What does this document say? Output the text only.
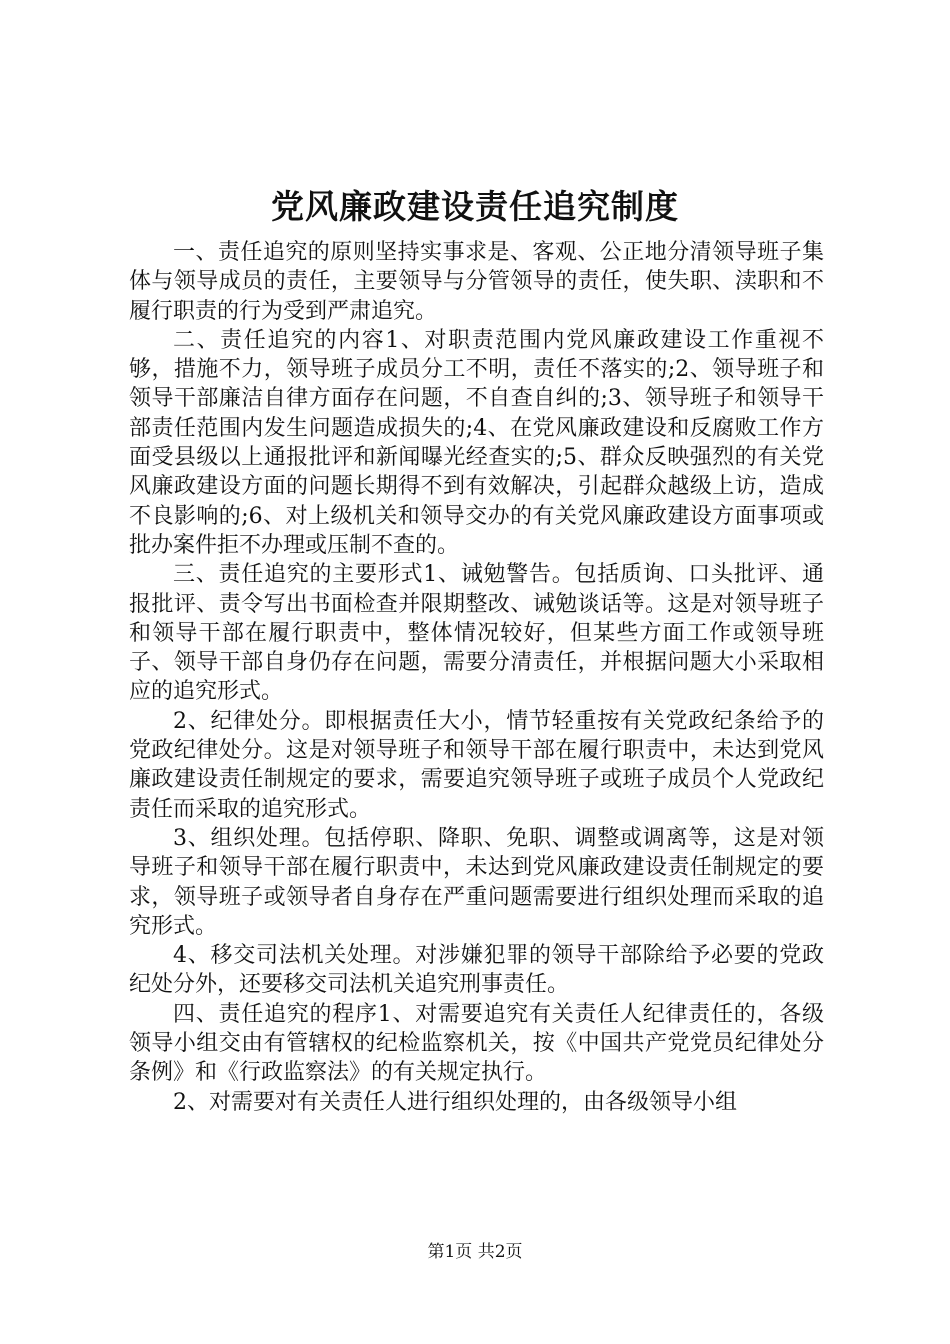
党风廉政建设责任追究制度

一、责任追究的原则坚持实事求是、客观、公正地分清领导班子集体与领导成员的责任，主要领导与分管领导的责任，使失职、渎职和不履行职责的行为受到严肃追究。

二、责任追究的内容1、对职责范围内党风廉政建设工作重视不够，措施不力，领导班子成员分工不明，责任不落实的;2、领导班子和领导干部廉洁自律方面存在问题，不自查自纠的;3、领导班子和领导干部责任范围内发生问题造成损失的;4、在党风廉政建设和反腐败工作方面受县级以上通报批评和新闻曝光经查实的;5、群众反映强烈的有关党风廉政建设方面的问题长期得不到有效解决，引起群众越级上访，造成不良影响的;6、对上级机关和领导交办的有关党风廉政建设方面事项或批办案件拒不办理或压制不查的。

三、责任追究的主要形式1、诫勉警告。包括质询、口头批评、通报批评、责令写出书面检查并限期整改、诫勉谈话等。这是对领导班子和领导干部在履行职责中，整体情况较好，但某些方面工作或领导班子、领导干部自身仍存在问题，需要分清责任，并根据问题大小采取相应的追究形式。

2、纪律处分。即根据责任大小，情节轻重按有关党政纪条给予的党政纪律处分。这是对领导班子和领导干部在履行职责中，未达到党风廉政建设责任制规定的要求，需要追究领导班子或班子成员个人党政纪责任而采取的追究形式。

3、组织处理。包括停职、降职、免职、调整或调离等，这是对领导班子和领导干部在履行职责中，未达到党风廉政建设责任制规定的要求，领导班子或领导者自身存在严重问题需要进行组织处理而采取的追究形式。

4、移交司法机关处理。对涉嫌犯罪的领导干部除给予必要的党政纪处分外，还要移交司法机关追究刑事责任。

四、责任追究的程序1、对需要追究有关责任人纪律责任的，各级领导小组交由有管辖权的纪检监察机关，按《中国共产党党员纪律处分条例》和《行政监察法》的有关规定执行。

2、对需要对有关责任人进行组织处理的，由各级领导小组

第1页 共2页
